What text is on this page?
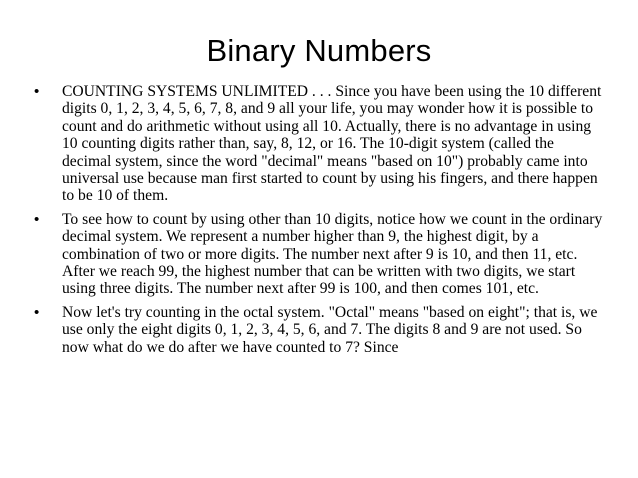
Binary Numbers
• COUNTING SYSTEMS UNLIMITED . . . Since you have been using the 10 different digits 0, 1, 2, 3, 4, 5, 6, 7, 8, and 9 all your life, you may wonder how it is possible to count and do arithmetic without using all 10. Actually, there is no advantage in using 10 counting digits rather than, say, 8, 12, or 16. The 10-digit system (called the decimal system, since the word "decimal" means "based on 10") probably came into universal use because man first started to count by using his fingers, and there happen to be 10 of them.
• To see how to count by using other than 10 digits, notice how we count in the ordinary decimal system. We represent a number higher than 9, the highest digit, by a combination of two or more digits. The number next after 9 is 10, and then 11, etc. After we reach 99, the highest number that can be written with two digits, we start using three digits. The number next after 99 is 100, and then comes 101, etc.
• Now let's try counting in the octal system. "Octal" means "based on eight"; that is, we use only the eight digits 0, 1, 2, 3, 4, 5, 6, and 7. The digits 8 and 9 are not used. So now what do we do after we have counted to 7? Since
